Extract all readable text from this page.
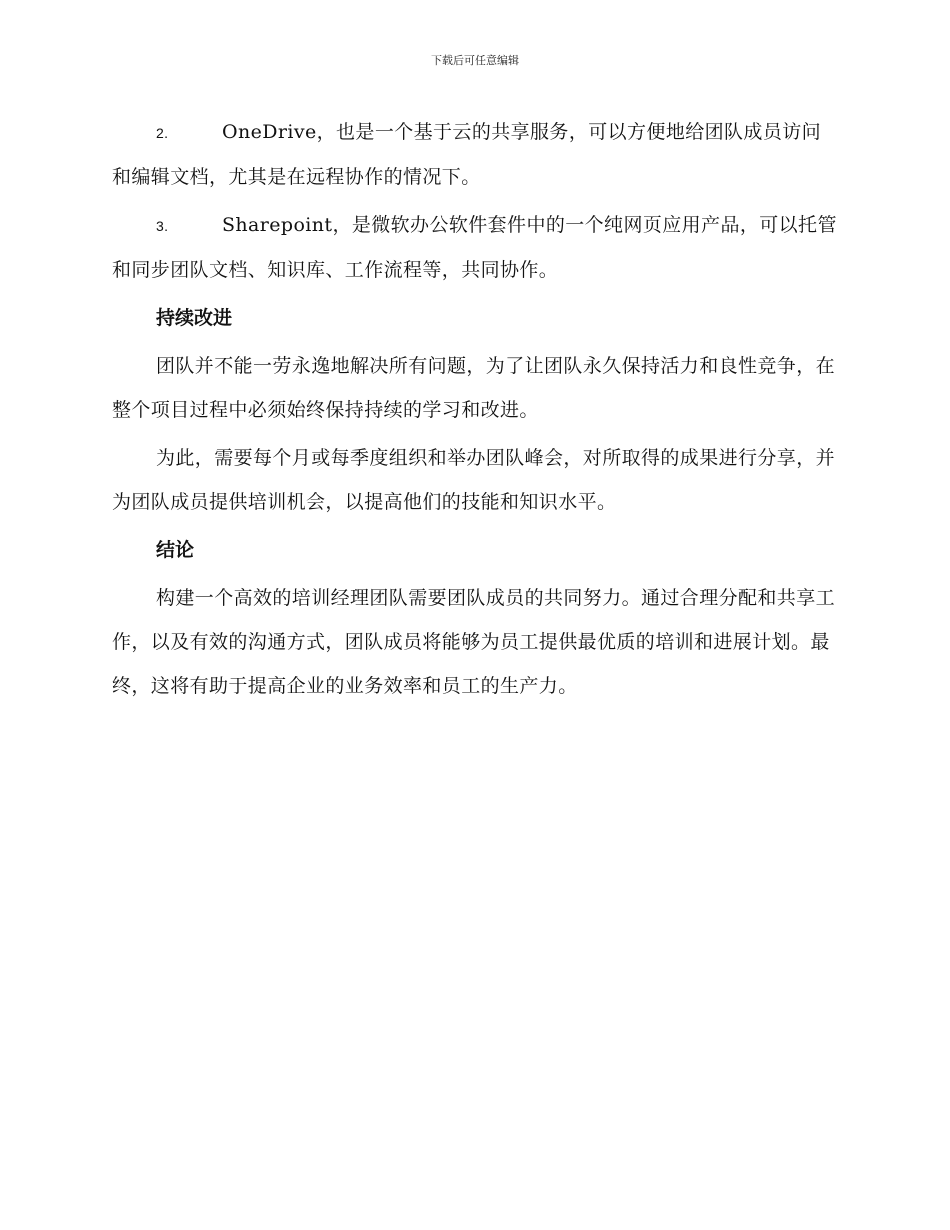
下载后可任意编辑

2.	OneDrive，也是一个基于云的共享服务，可以方便地给团队成员访问和编辑文档，尤其是在远程协作的情况下。

3.	Sharepoint，是微软办公软件套件中的一个纯网页应用产品，可以托管和同步团队文档、知识库、工作流程等，共同协作。

持续改进

团队并不能一劳永逸地解决所有问题，为了让团队永久保持活力和良性竞争，在整个项目过程中必须始终保持持续的学习和改进。

为此，需要每个月或每季度组织和举办团队峰会，对所取得的成果进行分享，并为团队成员提供培训机会，以提高他们的技能和知识水平。

结论

构建一个高效的培训经理团队需要团队成员的共同努力。通过合理分配和共享工作，以及有效的沟通方式，团队成员将能够为员工提供最优质的培训和进展计划。最终，这将有助于提高企业的业务效率和员工的生产力。
